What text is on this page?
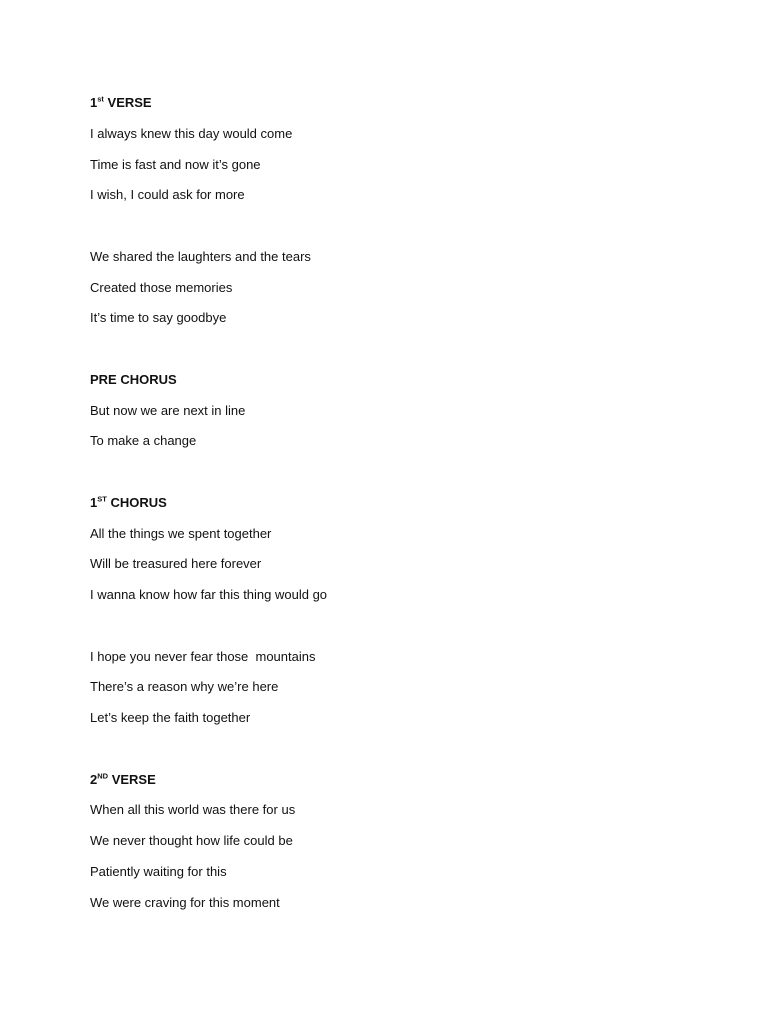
1st VERSE

I always knew this day would come

Time is fast and now it’s gone

I wish, I could ask for more

We shared the laughters and the tears

Created those memories

It’s time to say goodbye

PRE CHORUS

But now we are next in line

To make a change

1ST CHORUS

All the things we spent together

Will be treasured here forever

I wanna know how far this thing would go

I hope you never fear those  mountains

There’s a reason why we’re here

Let’s keep the faith together

2ND VERSE

When all this world was there for us

We never thought how life could be

Patiently waiting for this

We were craving for this moment
